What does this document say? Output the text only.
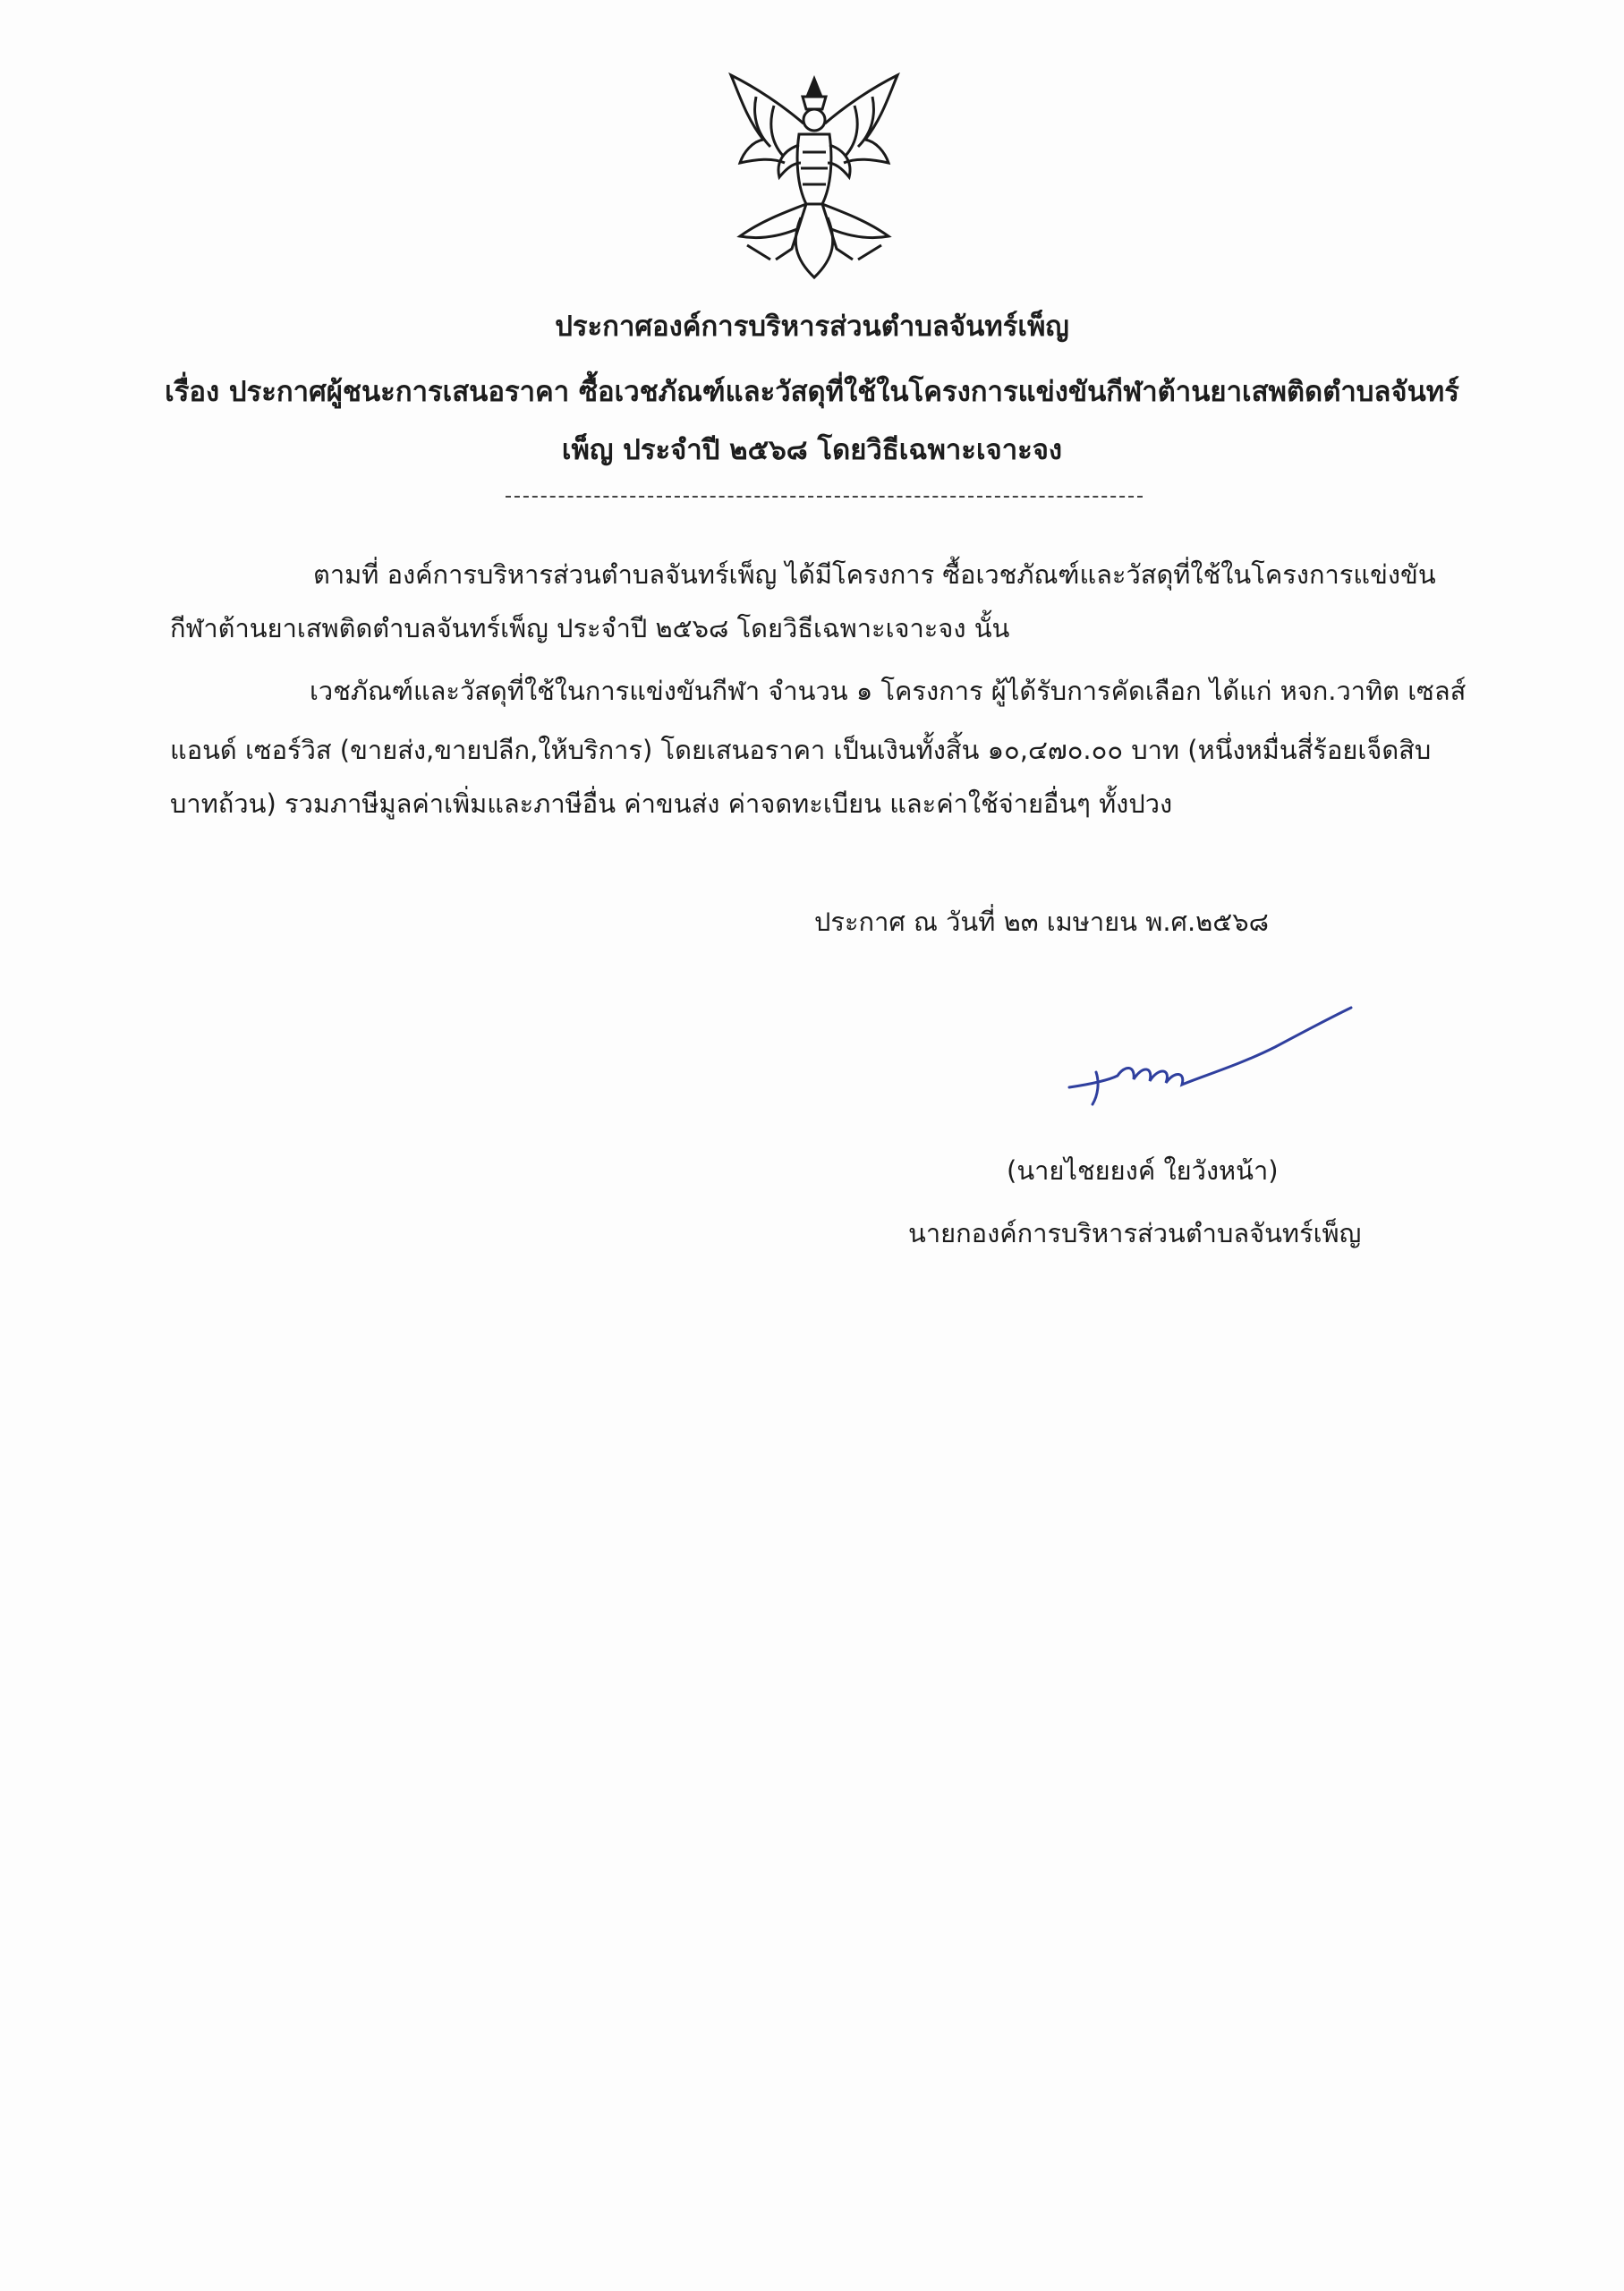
ประกาศองค์การบริหารส่วนตำบลจันทร์เพ็ญ
เรื่อง ประกาศผู้ชนะการเสนอราคา ซื้อเวชภัณฑ์และวัสดุที่ใช้ในโครงการแข่งขันกีฬาต้านยาเสพติดตำบลจันทร์
เพ็ญ ประจำปี ๒๕๖๘ โดยวิธีเฉพาะเจาะจง
ตามที่ องค์การบริหารส่วนตำบลจันทร์เพ็ญ ได้มีโครงการ ซื้อเวชภัณฑ์และวัสดุที่ใช้ในโครงการแข่งขัน
กีฬาต้านยาเสพติดตำบลจันทร์เพ็ญ ประจำปี ๒๕๖๘ โดยวิธีเฉพาะเจาะจง นั้น
เวชภัณฑ์และวัสดุที่ใช้ในการแข่งขันกีฬา จำนวน ๑ โครงการ ผู้ได้รับการคัดเลือก ได้แก่ หจก.วาทิต เซลส์
แอนด์ เซอร์วิส (ขายส่ง,ขายปลีก,ให้บริการ) โดยเสนอราคา เป็นเงินทั้งสิ้น ๑๐,๔๗๐.๐๐ บาท (หนึ่งหมื่นสี่ร้อยเจ็ดสิบ
บาทถ้วน) รวมภาษีมูลค่าเพิ่มและภาษีอื่น ค่าขนส่ง ค่าจดทะเบียน และค่าใช้จ่ายอื่นๆ ทั้งปวง
ประกาศ ณ วันที่ ๒๓ เมษายน พ.ศ.๒๕๖๘
(นายไชยยงค์ ใยวังหน้า)
นายกองค์การบริหารส่วนตำบลจันทร์เพ็ญ
